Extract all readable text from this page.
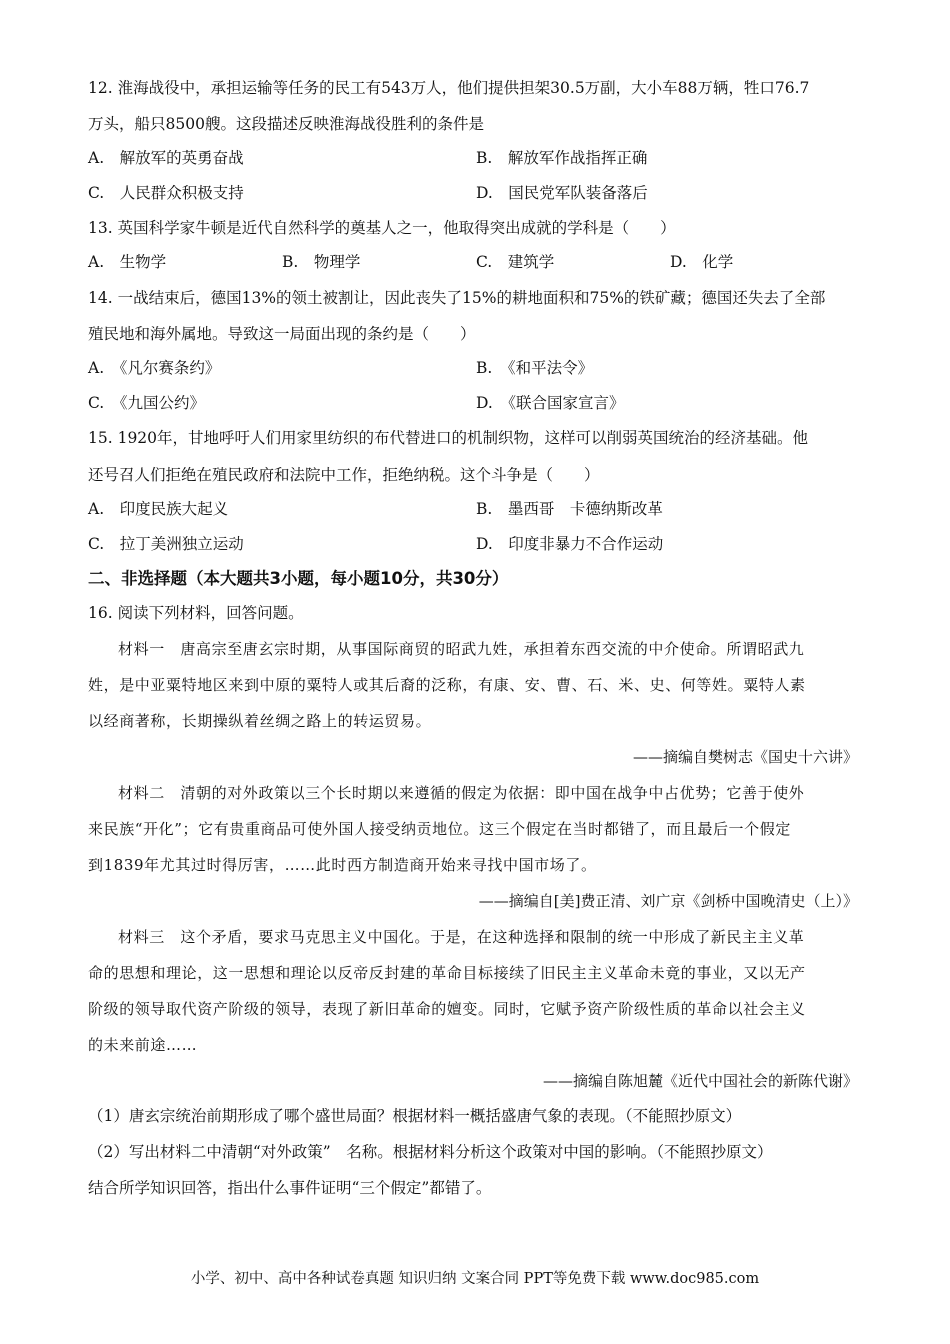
12. 淮海战役中，承担运输等任务的民工有543万人，他们提供担架30.5万副，大小车88万辆，牲口76.7
万头，船只8500艘。这段描述反映淮海战役胜利的条件是
A.　解放军的英勇奋战	B.　解放军作战指挥正确
C.　人民群众积极支持	D.　国民党军队装备落后
13. 英国科学家牛顿是近代自然科学的奠基人之一，他取得突出成就的学科是（　　）
A.　生物学	B.　物理学	C.　建筑学	D.　化学
14. 一战结束后，德国13%的领土被割让，因此丧失了15%的耕地面积和75%的铁矿藏；德国还失去了全部
殖民地和海外属地。导致这一局面出现的条约是（　　）
A.　《凡尔赛条约》	B.　《和平法令》
C.　《九国公约》	D.　《联合国家宣言》
15. 1920年，甘地呼吁人们用家里纺织的布代替进口的机制织物，这样可以削弱英国统治的经济基础。他
还号召人们拒绝在殖民政府和法院中工作，拒绝纳税。这个斗争是（　　）
A.　印度民族大起义	B.　墨西哥　卡德纳斯改革
C.　拉丁美洲独立运动	D.　印度非暴力不合作运动
二、非选择题（本大题共3小题，每小题10分，共30分）
16. 阅读下列材料，回答问题。
材料一　唐高宗至唐玄宗时期，从事国际商贸的昭武九姓，承担着东西交流的中介使命。所谓昭武九
姓，是中亚粟特地区来到中原的粟特人或其后裔的泛称，有康、安、曹、石、米、史、何等姓。粟特人素
以经商著称，长期操纵着丝绸之路上的转运贸易。
——摘编自樊树志《国史十六讲》
材料二　清朝的对外政策以三个长时期以来遵循的假定为依据：即中国在战争中占优势；它善于使外
来民族“开化”；它有贵重商品可使外国人接受纳贡地位。这三个假定在当时都错了，而且最后一个假定
到1839年尤其过时得厉害，……此时西方制造商开始来寻找中国市场了。
——摘编自[美]费正清、刘广京《剑桥中国晚清史（上）》
材料三　这个矛盾，要求马克思主义中国化。于是，在这种选择和限制的统一中形成了新民主主义革
命的思想和理论，这一思想和理论以反帝反封建的革命目标接续了旧民主主义革命未竟的事业，又以无产
阶级的领导取代资产阶级的领导，表现了新旧革命的嬗变。同时，它赋予资产阶级性质的革命以社会主义
的未来前途……
——摘编自陈旭麓《近代中国社会的新陈代谢》
（1）唐玄宗统治前期形成了哪个盛世局面？根据材料一概括盛唐气象的表现。（不能照抄原文）
（2）写出材料二中清朝“对外政策”　名称。根据材料分析这个政策对中国的影响。（不能照抄原文）
结合所学知识回答，指出什么事件证明“三个假定”都错了。
小学、初中、高中各种试卷真题 知识归纳 文案合同 PPT等免费下载 www.doc985.com
